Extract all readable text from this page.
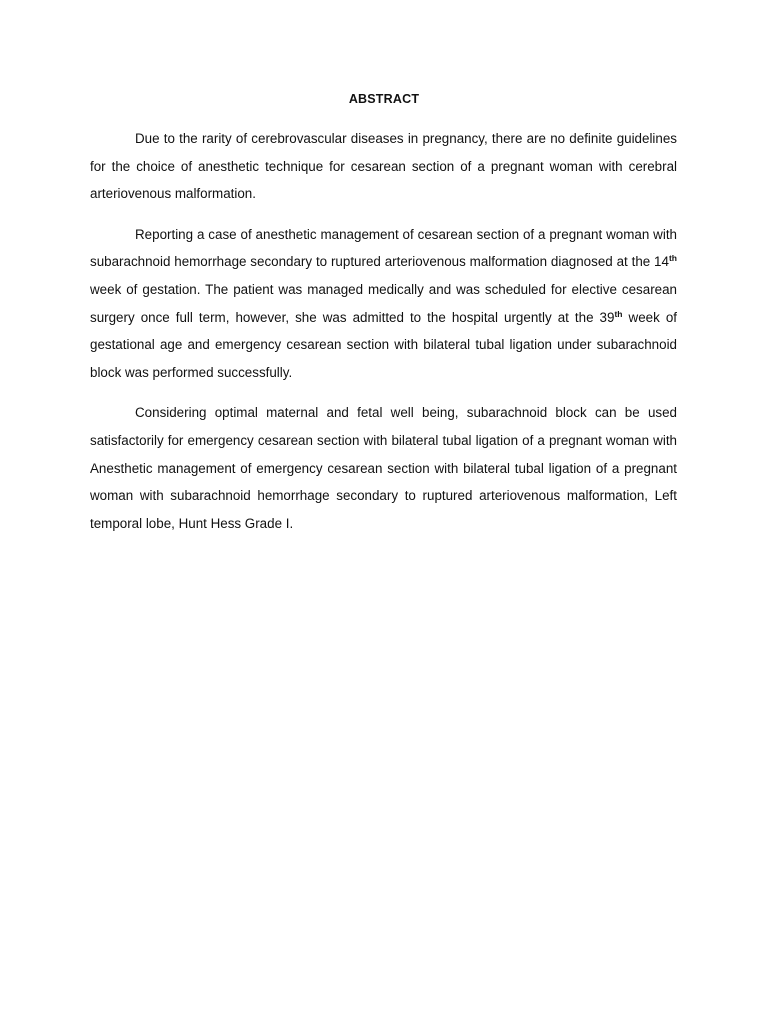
ABSTRACT

Due to the rarity of cerebrovascular diseases in pregnancy, there are no definite guidelines for the choice of anesthetic technique for cesarean section of a pregnant woman with cerebral arteriovenous malformation.

Reporting a case of anesthetic management of cesarean section of a pregnant woman with subarachnoid hemorrhage secondary to ruptured arteriovenous malformation diagnosed at the 14th week of gestation. The patient was managed medically and was scheduled for elective cesarean surgery once full term, however, she was admitted to the hospital urgently at the 39th week of gestational age and emergency cesarean section with bilateral tubal ligation under subarachnoid block was performed successfully.

Considering optimal maternal and fetal well being, subarachnoid block can be used satisfactorily for emergency cesarean section with bilateral tubal ligation of a pregnant woman with Anesthetic management of emergency cesarean section with bilateral tubal ligation of a pregnant woman with subarachnoid hemorrhage secondary to ruptured arteriovenous malformation, Left temporal lobe, Hunt Hess Grade I.
